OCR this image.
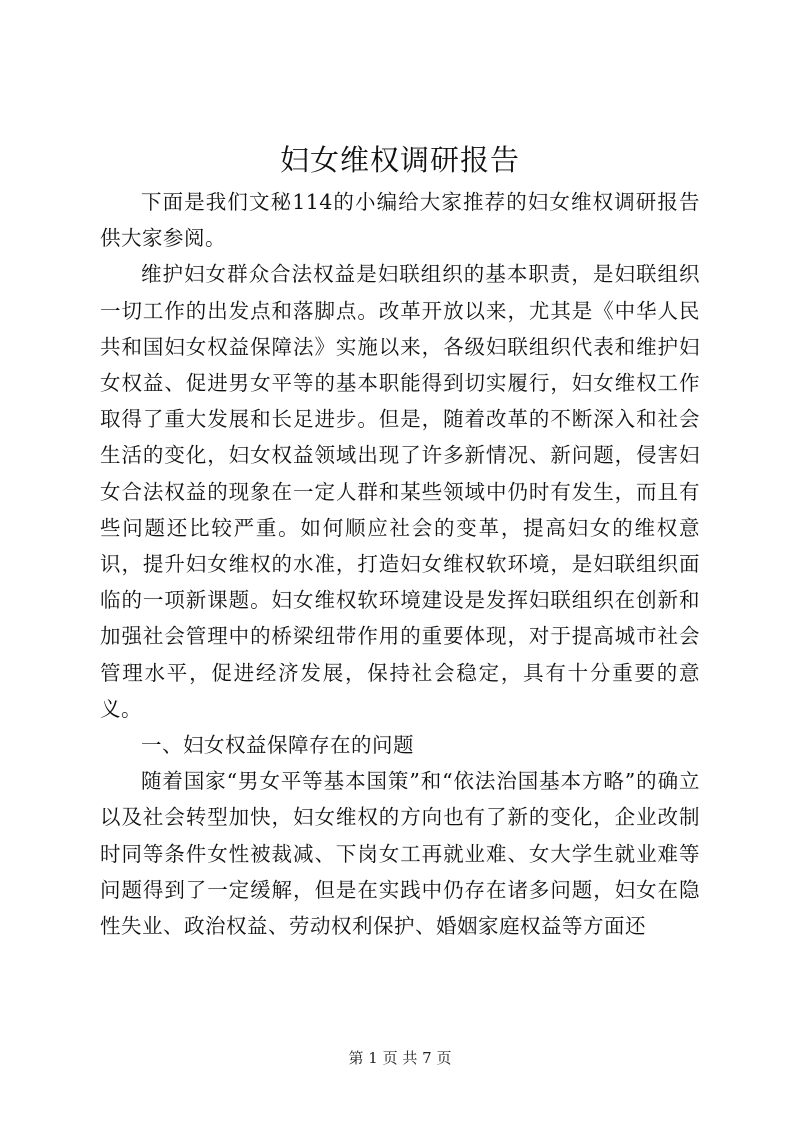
妇女维权调研报告

下面是我们文秘114的小编给大家推荐的妇女维权调研报告供大家参阅。

维护妇女群众合法权益是妇联组织的基本职责，是妇联组织一切工作的出发点和落脚点。改革开放以来，尤其是《中华人民共和国妇女权益保障法》实施以来，各级妇联组织代表和维护妇女权益、促进男女平等的基本职能得到切实履行，妇女维权工作取得了重大发展和长足进步。但是，随着改革的不断深入和社会生活的变化，妇女权益领域出现了许多新情况、新问题，侵害妇女合法权益的现象在一定人群和某些领域中仍时有发生，而且有些问题还比较严重。如何顺应社会的变革，提高妇女的维权意识，提升妇女维权的水准，打造妇女维权软环境，是妇联组织面临的一项新课题。妇女维权软环境建设是发挥妇联组织在创新和加强社会管理中的桥梁纽带作用的重要体现，对于提高城市社会管理水平，促进经济发展，保持社会稳定，具有十分重要的意义。

一、妇女权益保障存在的问题

随着国家“男女平等基本国策”和“依法治国基本方略”的确立以及社会转型加快，妇女维权的方向也有了新的变化，企业改制时同等条件女性被裁减、下岗女工再就业难、女大学生就业难等问题得到了一定缓解，但是在实践中仍存在诸多问题，妇女在隐性失业、政治权益、劳动权利保护、婚姻家庭权益等方面还

第 1 页 共 7 页
